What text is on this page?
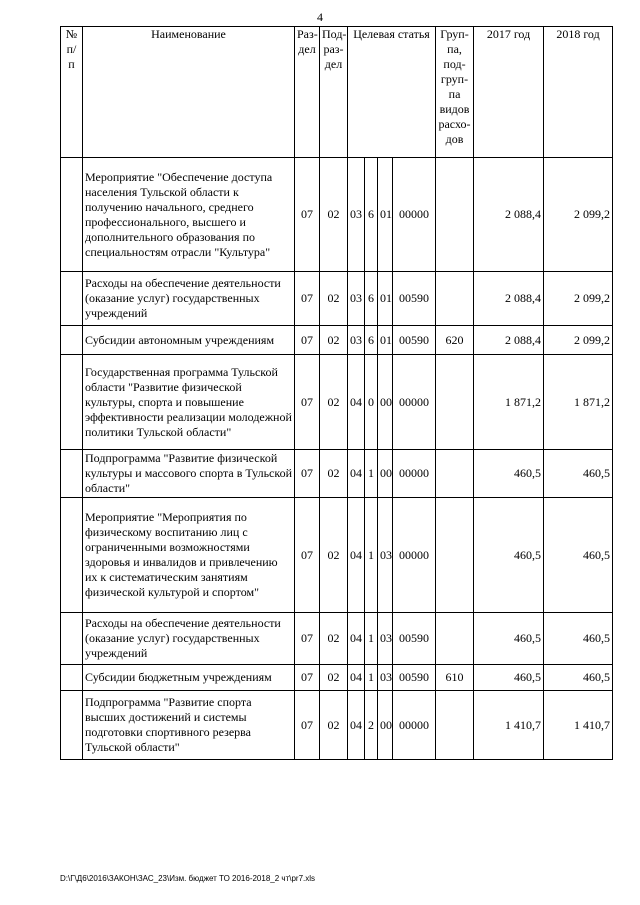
4
№ п/ п	Наименование	Раз- дел	Под- раз- дел	Целевая статья				Груп- па, под- груп- па видов расхо- дов	2017 год	2018 год
	Мероприятие "Обеспечение доступа населения Тульской области к получению начального, среднего профессионального, высшего и дополнительного образования по специальностям отрасли "Культура"	07	02	03	6	01	00000		2 088,4	2 099,2
	Расходы на обеспечение деятельности (оказание услуг) государственных учреждений	07	02	03	6	01	00590		2 088,4	2 099,2
	Субсидии автономным учреждениям	07	02	03	6	01	00590	620	2 088,4	2 099,2
	Государственная программа Тульской области "Развитие физической культуры, спорта и повышение эффективности реализации молодежной политики Тульской области"	07	02	04	0	00	00000		1 871,2	1 871,2
	Подпрограмма "Развитие физической культуры и массового спорта в Тульской области"	07	02	04	1	00	00000		460,5	460,5
	Мероприятие "Мероприятия по физическому воспитанию лиц с ограниченными возможностями здоровья и инвалидов и привлечению их к систематическим занятиям физической культурой и спортом"	07	02	04	1	03	00000		460,5	460,5
	Расходы на обеспечение деятельности (оказание услуг) государственных учреждений	07	02	04	1	03	00590		460,5	460,5
	Субсидии бюджетным учреждениям	07	02	04	1	03	00590	610	460,5	460,5
	Подпрограмма "Развитие спорта высших достижений и системы подготовки спортивного резерва Тульской области"	07	02	04	2	00	00000		1 410,7	1 410,7
D:\Г\Д6\2016\ЗАКОН\ЗАС_23\Изм. бюджет ТО 2016-2018_2 чт\pr7.xls
